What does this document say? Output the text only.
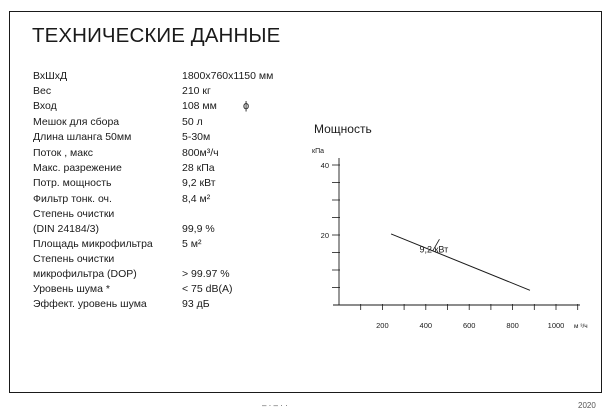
ТЕХНИЧЕСКИЕ ДАННЫЕ
ВхШхД	1800x760x1150 мм
Вес	210 кг
Вход	108 мм ϕ
Мешок для сбора	50 л
Длина шланга 50мм	5-30м
Поток , макс	800м³/ч
Макс. разрежение	28 кПа
Потр. мощность	9,2 кВт
Фильтр тонк. оч.	8,4 м²
Степень очистки
(DIN 24184/3)	99,9 %
Площадь микрофильтра	5 м²
Степень очистки
микрофильтра (DOP)	> 99.97 %
Уровень шума *	< 75 dB(A)
Эффект. уровень шума	93 дБ
Мощность
20
40
кПа
200	400	600	800	1000 м ³/ч
9,2 кВт
– · – · ·	2020
